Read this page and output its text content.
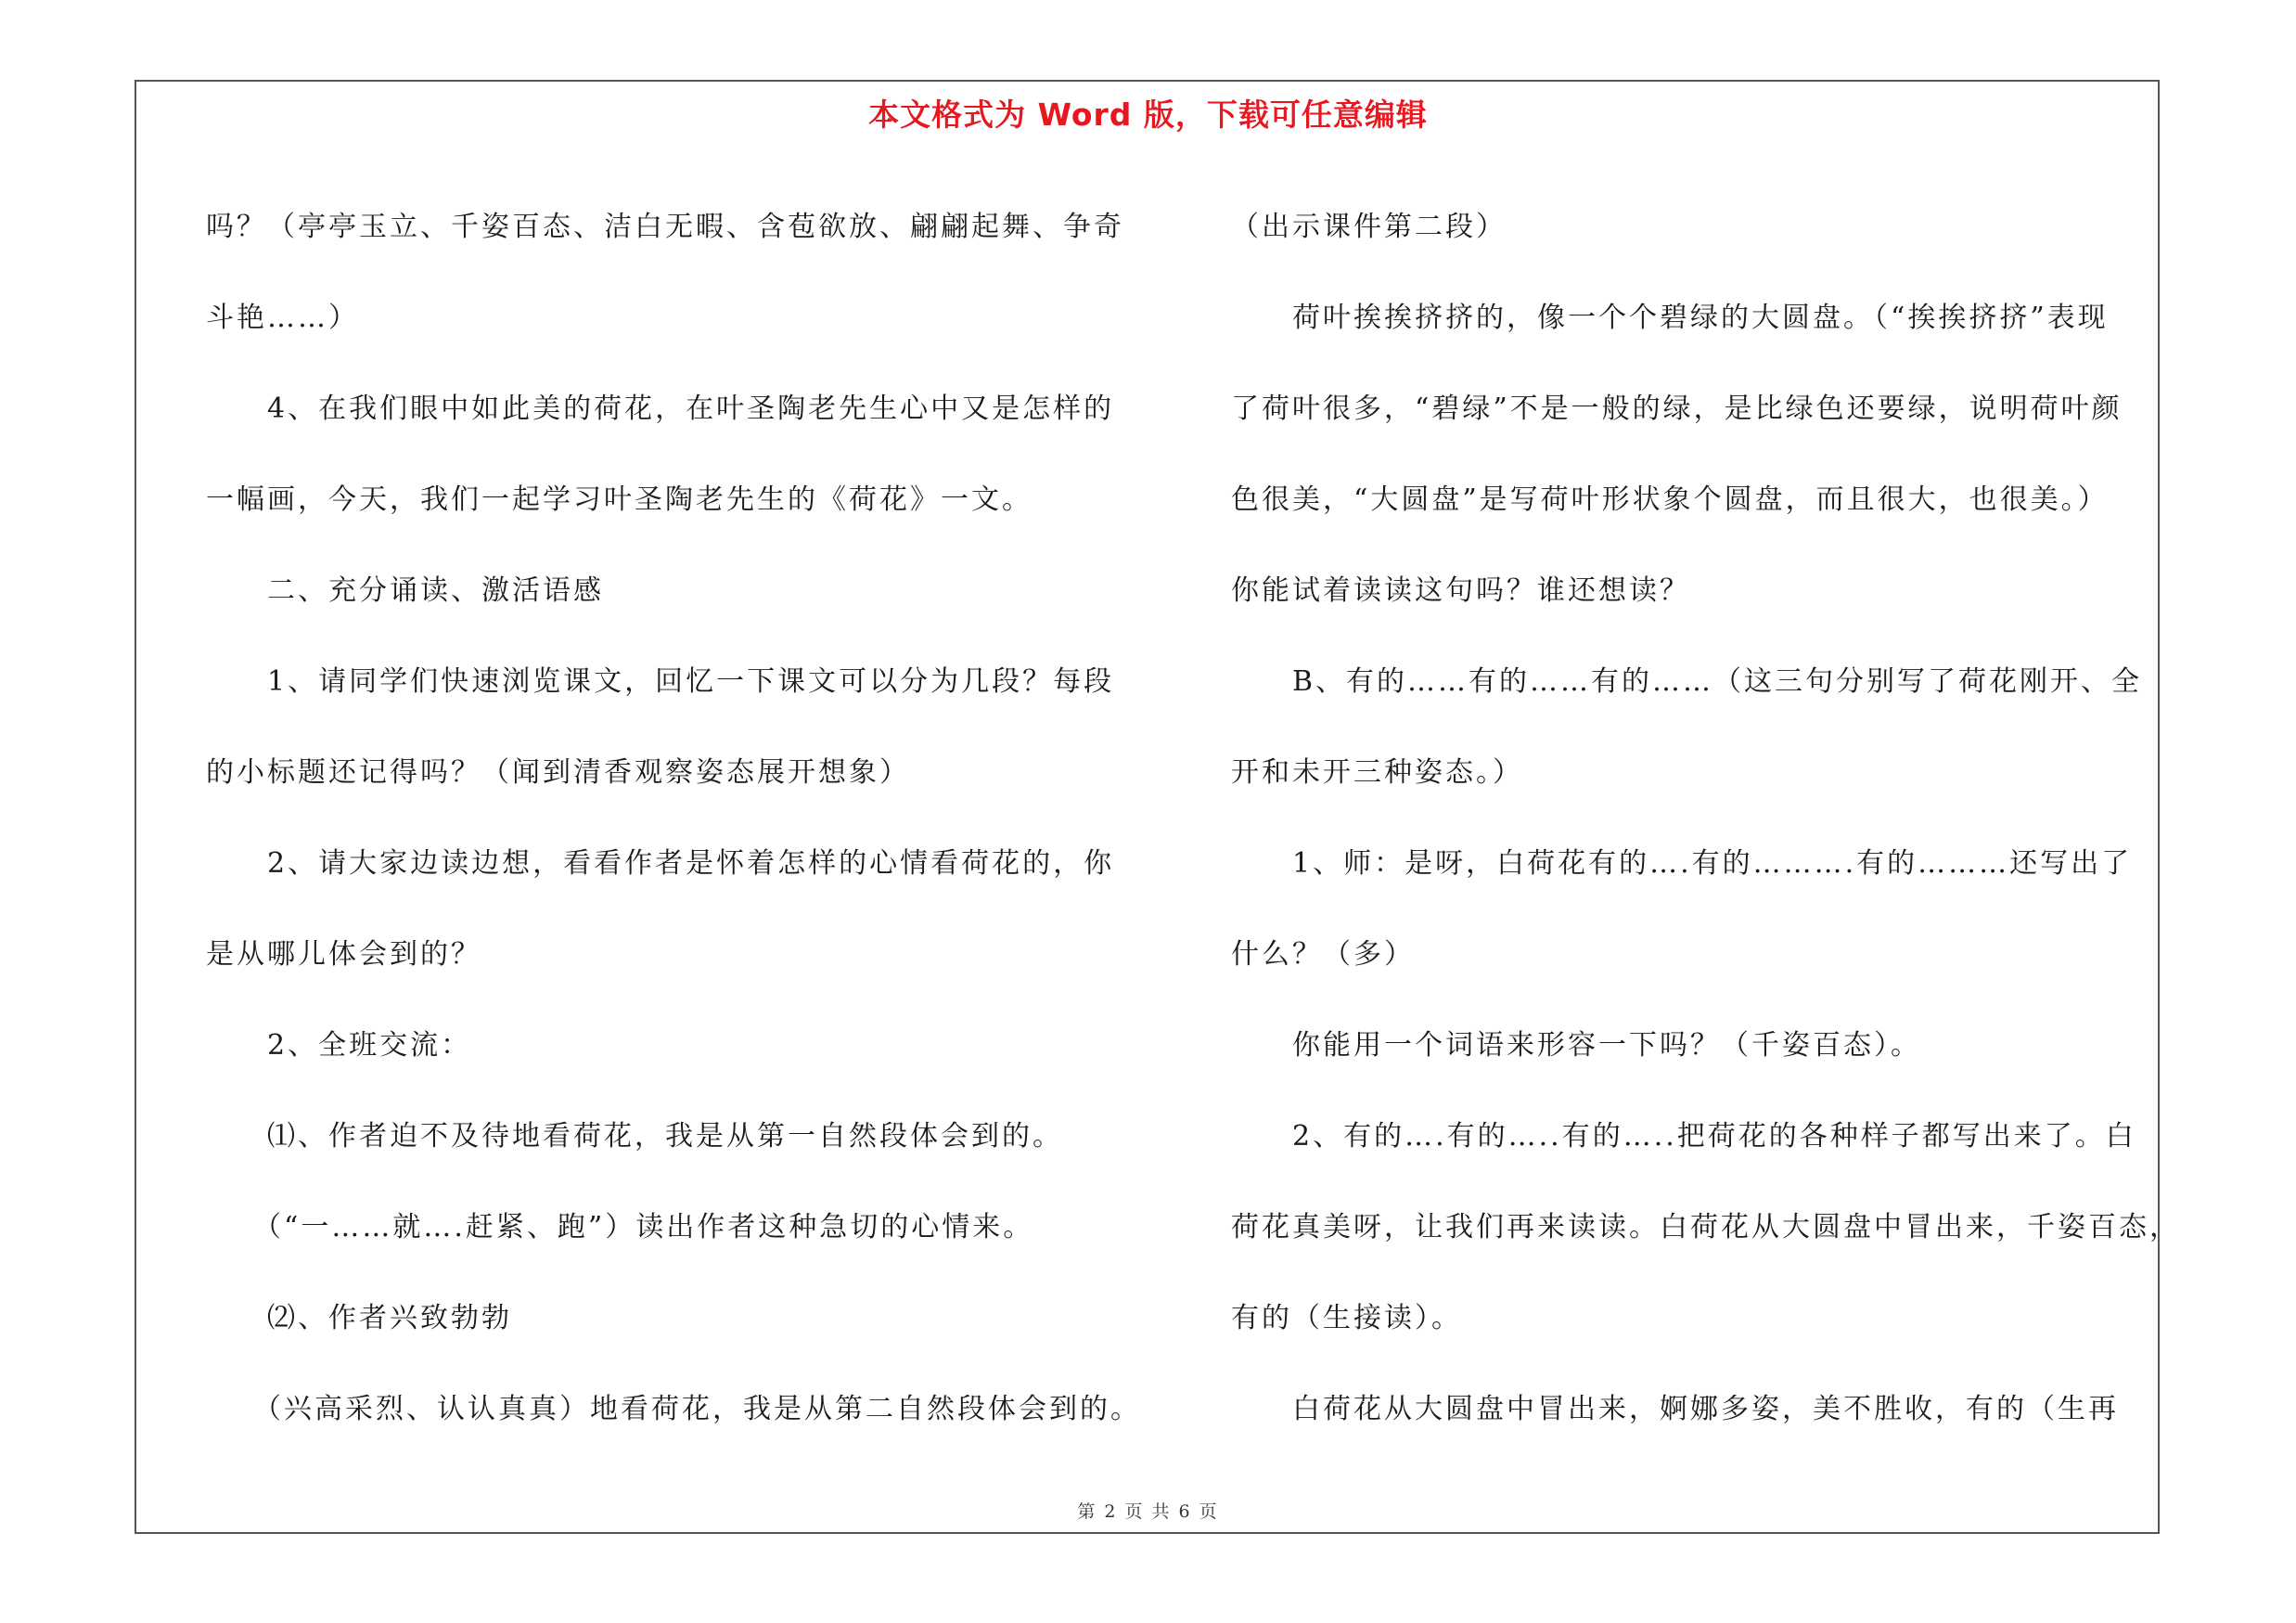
本文格式为 Word 版，下载可任意编辑
吗？（亭亭玉立、千姿百态、洁白无暇、含苞欲放、翩翩起舞、争奇
斗艳……）
　　4、在我们眼中如此美的荷花，在叶圣陶老先生心中又是怎样的
一幅画，今天，我们一起学习叶圣陶老先生的《荷花》一文。
　　二、充分诵读、激活语感
　　1、请同学们快速浏览课文，回忆一下课文可以分为几段？每段
的小标题还记得吗？（闻到清香观察姿态展开想象）
　　2、请大家边读边想，看看作者是怀着怎样的心情看荷花的，你
是从哪儿体会到的？
　　2、全班交流：
　　⑴、作者迫不及待地看荷花，我是从第一自然段体会到的。
　　（“一……就….赶紧、跑”）读出作者这种急切的心情来。
　　⑵、作者兴致勃勃
　　（兴高采烈、认认真真）地看荷花，我是从第二自然段体会到的。
（出示课件第二段）
　　荷叶挨挨挤挤的，像一个个碧绿的大圆盘。（“挨挨挤挤”表现
了荷叶很多，“碧绿”不是一般的绿，是比绿色还要绿，说明荷叶颜
色很美，“大圆盘”是写荷叶形状象个圆盘，而且很大，也很美。）
你能试着读读这句吗？谁还想读？
　　B、有的……有的……有的……（这三句分别写了荷花刚开、全
开和未开三种姿态。）
　　1、师：是呀，白荷花有的….有的……….有的………还写出了
什么？（多）
　　你能用一个词语来形容一下吗？（千姿百态）。
　　2、有的….有的…..有的…..把荷花的各种样子都写出来了。白
荷花真美呀，让我们再来读读。白荷花从大圆盘中冒出来，千姿百态，
有的（生接读）。
　　白荷花从大圆盘中冒出来，婀娜多姿，美不胜收，有的（生再
第 2 页 共 6 页
